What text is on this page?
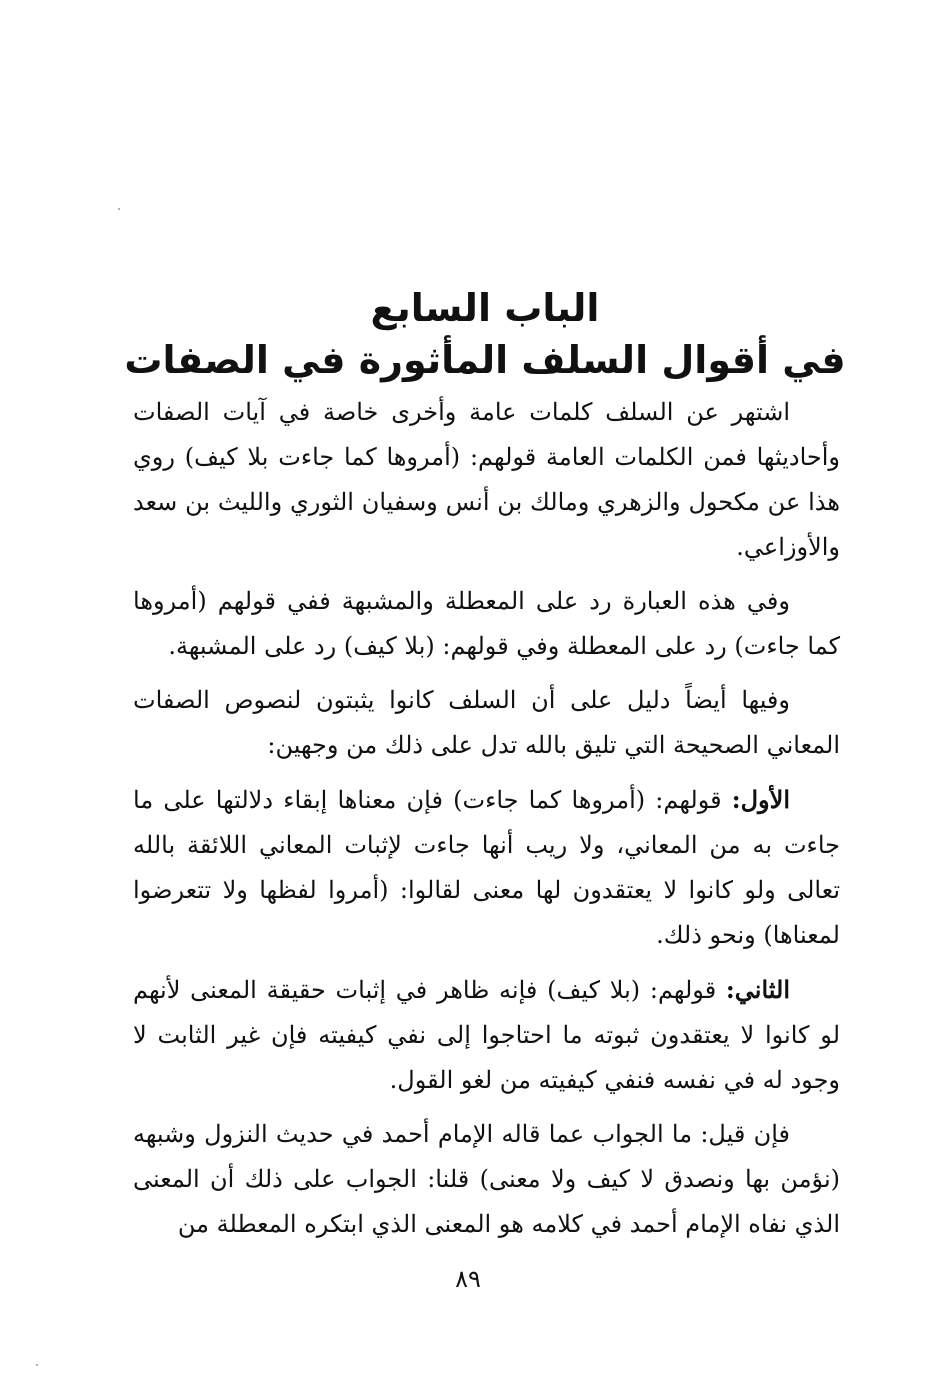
الباب السابع
في أقوال السلف المأثورة في الصفات

اشتهر عن السلف كلمات عامة وأخرى خاصة في آيات الصفات وأحاديثها فمن الكلمات العامة قولهم: (أمروها كما جاءت بلا كيف) روي هذا عن مكحول والزهري ومالك بن أنس وسفيان الثوري والليث بن سعد والأوزاعي.

وفي هذه العبارة رد على المعطلة والمشبهة ففي قولهم (أمروها كما جاءت) رد على المعطلة وفي قولهم: (بلا كيف) رد على المشبهة.

وفيها أيضاً دليل على أن السلف كانوا يثبتون لنصوص الصفات المعاني الصحيحة التي تليق بالله تدل على ذلك من وجهين:

الأول: قولهم: (أمروها كما جاءت) فإن معناها إبقاء دلالتها على ما جاءت به من المعاني، ولا ريب أنها جاءت لإثبات المعاني اللائقة بالله تعالى ولو كانوا لا يعتقدون لها معنى لقالوا: (أمروا لفظها ولا تتعرضوا لمعناها) ونحو ذلك.

الثاني: قولهم: (بلا كيف) فإنه ظاهر في إثبات حقيقة المعنى لأنهم لو كانوا لا يعتقدون ثبوته ما احتاجوا إلى نفي كيفيته فإن غير الثابت لا وجود له في نفسه فنفي كيفيته من لغو القول.

فإن قيل: ما الجواب عما قاله الإمام أحمد في حديث النزول وشبهه (نؤمن بها ونصدق لا كيف ولا معنى) قلنا: الجواب على ذلك أن المعنى الذي نفاه الإمام أحمد في كلامه هو المعنى الذي ابتكره المعطلة من

٨٩
